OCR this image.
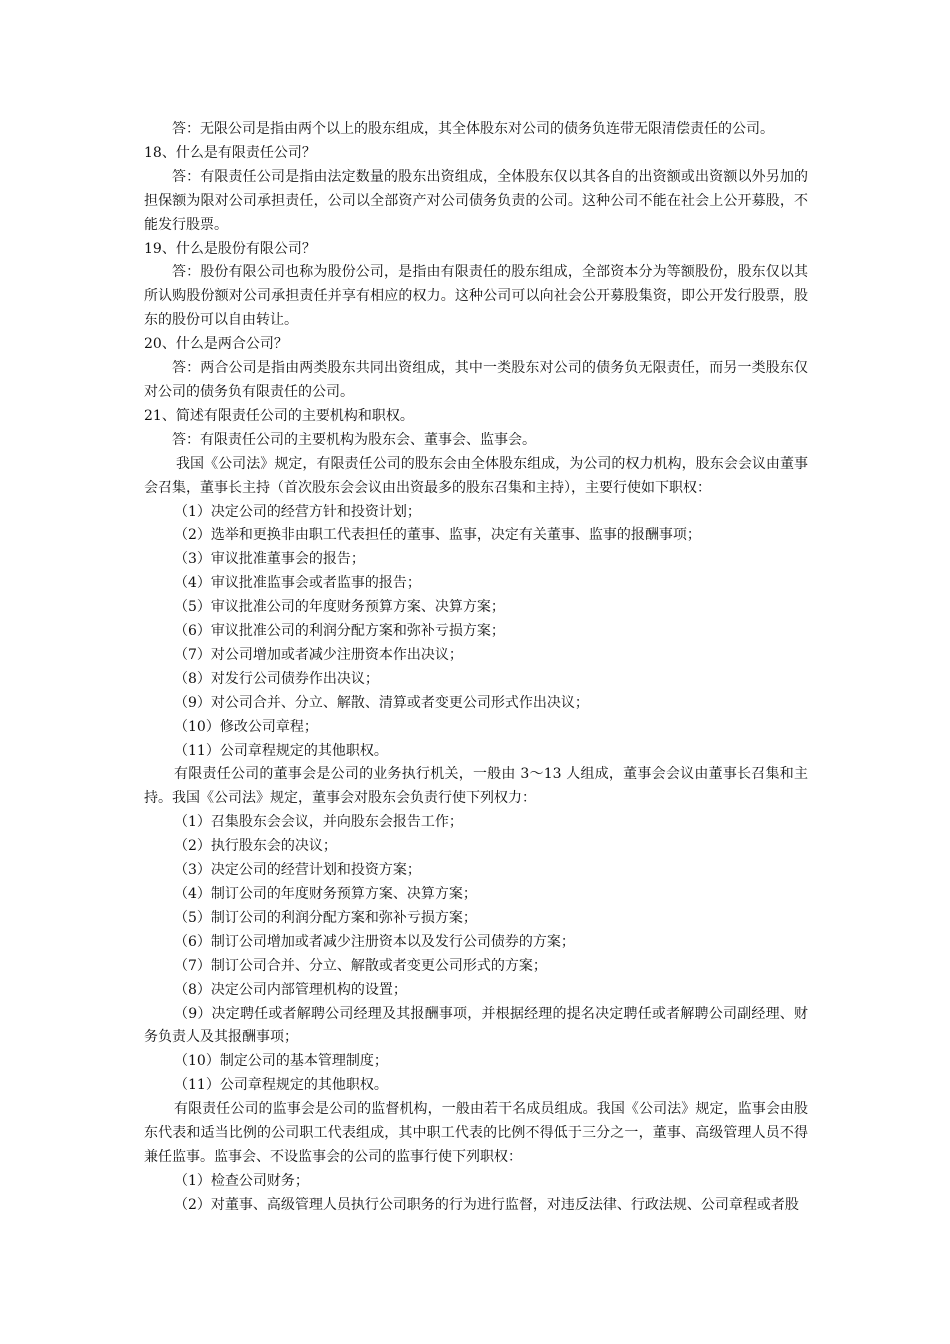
答：无限公司是指由两个以上的股东组成，其全体股东对公司的债务负连带无限清偿责任的公司。

18、什么是有限责任公司？

答：有限责任公司是指由法定数量的股东出资组成，全体股东仅以其各自的出资额或出资额以外另加的担保额为限对公司承担责任，公司以全部资产对公司债务负责的公司。这种公司不能在社会上公开募股，不能发行股票。

19、什么是股份有限公司？

答：股份有限公司也称为股份公司，是指由有限责任的股东组成，全部资本分为等额股份，股东仅以其所认购股份额对公司承担责任并享有相应的权力。这种公司可以向社会公开募股集资，即公开发行股票，股东的股份可以自由转让。

20、什么是两合公司？

答：两合公司是指由两类股东共同出资组成，其中一类股东对公司的债务负无限责任，而另一类股东仅对公司的债务负有限责任的公司。

21、简述有限责任公司的主要机构和职权。

答：有限责任公司的主要机构为股东会、董事会、监事会。

我国《公司法》规定，有限责任公司的股东会由全体股东组成，为公司的权力机构，股东会会议由董事会召集，董事长主持（首次股东会会议由出资最多的股东召集和主持），主要行使如下职权：

（1）决定公司的经营方针和投资计划；

（2）选举和更换非由职工代表担任的董事、监事，决定有关董事、监事的报酬事项；

（3）审议批准董事会的报告；

（4）审议批准监事会或者监事的报告；

（5）审议批准公司的年度财务预算方案、决算方案；

（6）审议批准公司的利润分配方案和弥补亏损方案；

（7）对公司增加或者减少注册资本作出决议；

（8）对发行公司债券作出决议；

（9）对公司合并、分立、解散、清算或者变更公司形式作出决议；

（10）修改公司章程；

（11）公司章程规定的其他职权。

有限责任公司的董事会是公司的业务执行机关，一般由 3～13 人组成，董事会会议由董事长召集和主持。我国《公司法》规定，董事会对股东会负责行使下列权力：

（1）召集股东会会议，并向股东会报告工作；

（2）执行股东会的决议；

（3）决定公司的经营计划和投资方案；

（4）制订公司的年度财务预算方案、决算方案；

（5）制订公司的利润分配方案和弥补亏损方案；

（6）制订公司增加或者减少注册资本以及发行公司债券的方案；

（7）制订公司合并、分立、解散或者变更公司形式的方案；

（8）决定公司内部管理机构的设置；

（9）决定聘任或者解聘公司经理及其报酬事项，并根据经理的提名决定聘任或者解聘公司副经理、财务负责人及其报酬事项；

（10）制定公司的基本管理制度；

（11）公司章程规定的其他职权。

有限责任公司的监事会是公司的监督机构，一般由若干名成员组成。我国《公司法》规定，监事会由股东代表和适当比例的公司职工代表组成，其中职工代表的比例不得低于三分之一，董事、高级管理人员不得兼任监事。监事会、不设监事会的公司的监事行使下列职权：

（1）检查公司财务；

（2）对董事、高级管理人员执行公司职务的行为进行监督，对违反法律、行政法规、公司章程或者股
